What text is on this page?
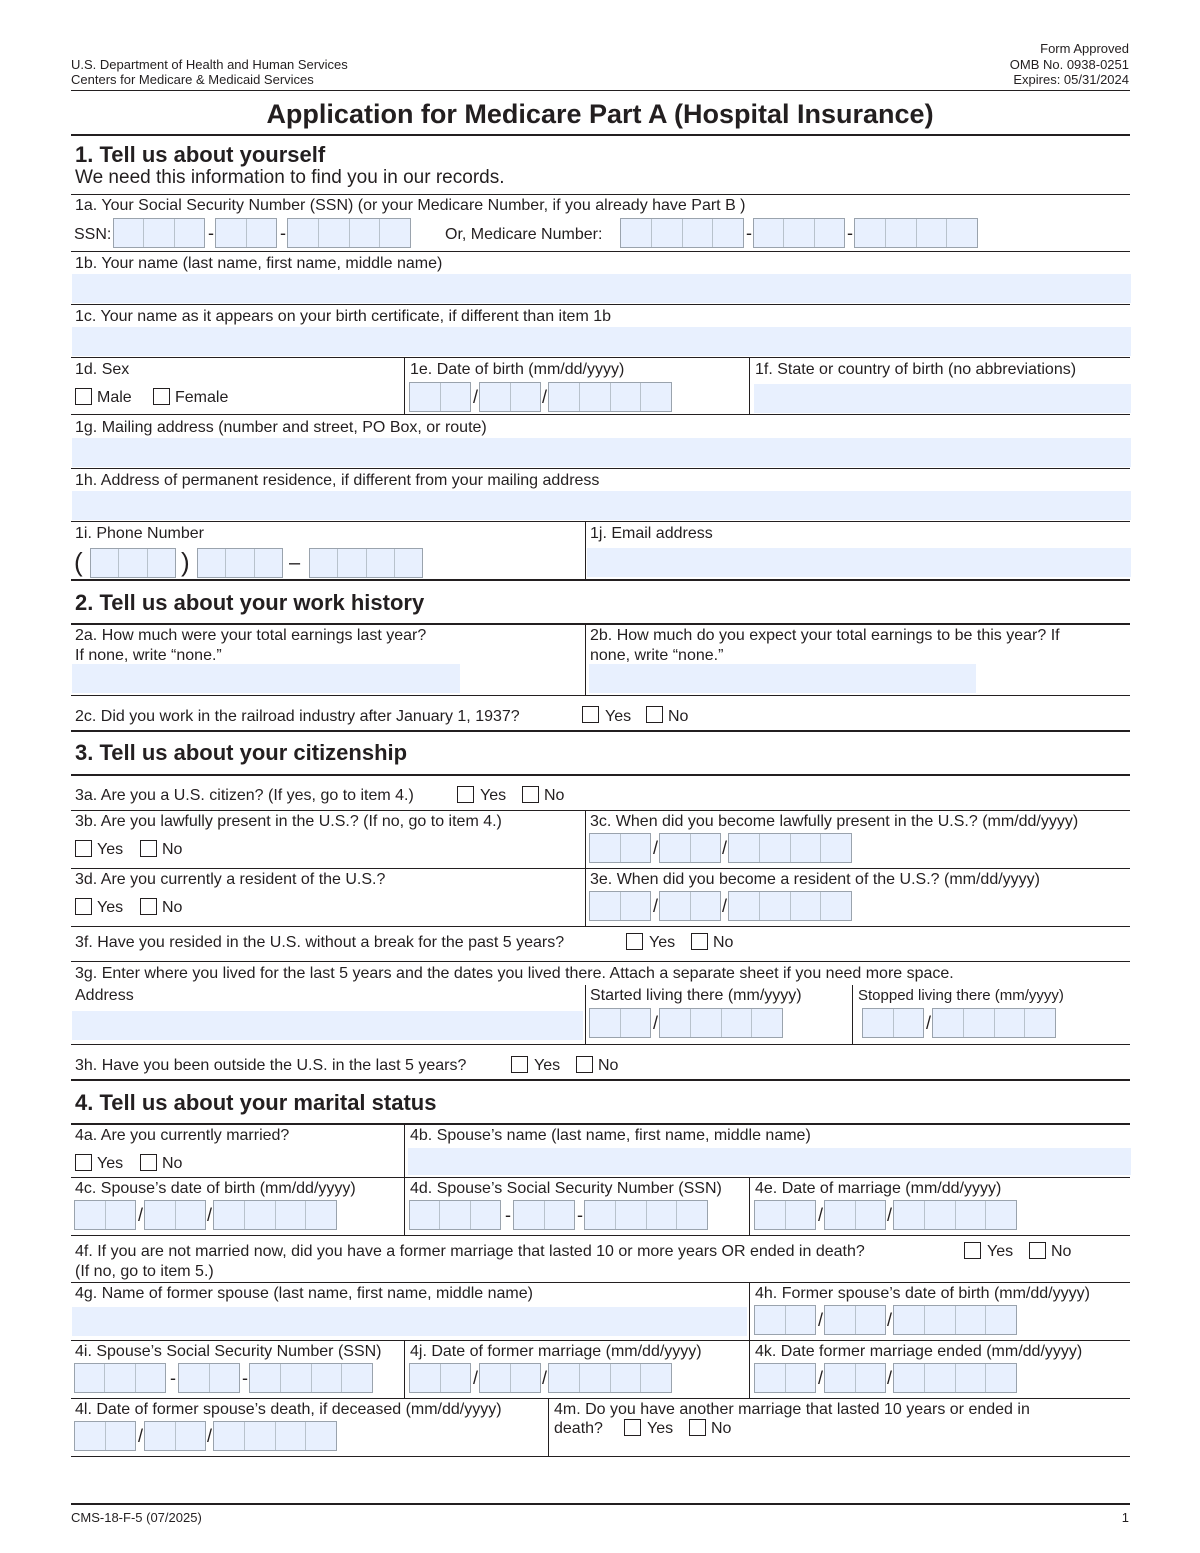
U.S. Department of Health and Human Services
Centers for Medicare & Medicaid Services
Form Approved
OMB No. 0938-0251
Expires: 05/31/2024
Application for Medicare Part A (Hospital Insurance)
1. Tell us about yourself
We need this information to find you in our records.
1a. Your Social Security Number (SSN) (or your Medicare Number, if you already have Part B )
SSN:	-	-	Or, Medicare Number:	-	-
1b. Your name (last name, first name, middle name)
1c. Your name as it appears on your birth certificate, if different than item 1b
1d. Sex
Male	Female
1e. Date of birth (mm/dd/yyyy)
/	/
1f. State or country of birth (no abbreviations)
1g. Mailing address (number and street, PO Box, or route)
1h. Address of permanent residence, if different from your mailing address
1i. Phone Number
(	)	–
1j. Email address
2. Tell us about your work history
2a. How much were your total earnings last year?
If none, write “none.”
2b. How much do you expect your total earnings to be this year? If
none, write “none.”
2c. Did you work in the railroad industry after January 1, 1937?	Yes No
3. Tell us about your citizenship
3a. Are you a U.S. citizen? (If yes, go to item 4.)	Yes No
3b. Are you lawfully present in the U.S.? (If no, go to item 4.)
Yes No
3c. When did you become lawfully present in the U.S.? (mm/dd/yyyy)
/	/
3d. Are you currently a resident of the U.S.?
Yes No
3e. When did you become a resident of the U.S.? (mm/dd/yyyy)
/	/
3f. Have you resided in the U.S. without a break for the past 5 years?	Yes No
3g. Enter where you lived for the last 5 years and the dates you lived there. Attach a separate sheet if you need more space.
Address	Started living there (mm/yyyy)
/
Stopped living there (mm/yyyy)
/
3h. Have you been outside the U.S. in the last 5 years?	Yes No
4. Tell us about your marital status
4a. Are you currently married?
Yes No
4b. Spouse’s name (last name, first name, middle name)
4c. Spouse’s date of birth (mm/dd/yyyy)
/	/
4d. Spouse’s Social Security Number (SSN)
-	-
4e. Date of marriage (mm/dd/yyyy)
/	/
4f. If you are not married now, did you have a former marriage that lasted 10 or more years OR ended in death?	Yes No
(If no, go to item 5.)
4g. Name of former spouse (last name, first name, middle name)	4h. Former spouse’s date of birth (mm/dd/yyyy)
/	/
4i. Spouse’s Social Security Number (SSN)
-	-
4j. Date of former marriage (mm/dd/yyyy)
/	/
4k. Date former marriage ended (mm/dd/yyyy)
/	/
4l. Date of former spouse’s death, if deceased (mm/dd/yyyy)
/	/
4m. Do you have another marriage that lasted 10 years or ended in
death?	Yes No
CMS-18-F-5 (07/2025)	1
